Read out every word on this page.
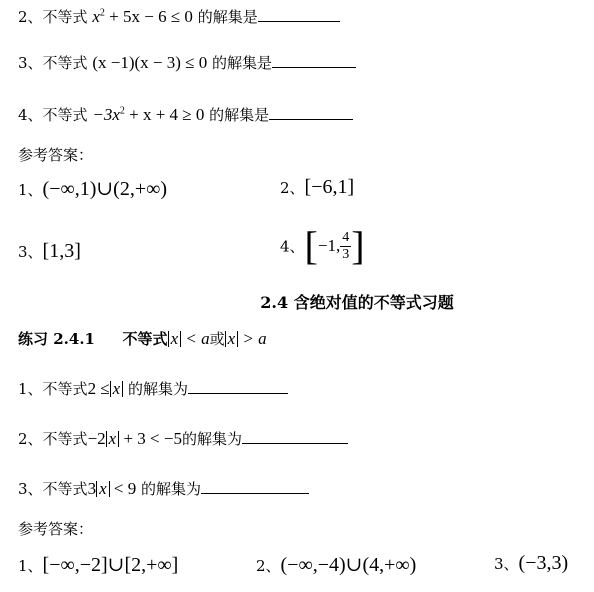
2、不等式 $x^2 + 5x - 6 \le 0$ 的解集是
3、不等式 (x −1)(x − 3) ≤ 0 的解集是
4、不等式 $-3x^2 + x + 4 \ge 0$ 的解集是
参考答案：
1、(−∞,1)∪(2,+∞)	2、[−6,1]
3、[1,3]	4、[−1, $\frac{4}{3}$ ]
2.4 含绝对值的不等式习题
练习 2.4.1 不等式 x < a或 x > a
1、不等式2 ≤ x 的解集为
2、不等式−2 x + 3 < −5的解集为
3、不等式3 x < 9 的解集为
参考答案：
1、[−∞,−2]∪[2,+∞]	2、(−∞,−4)∪(4,+∞)	3、(−3,3)
